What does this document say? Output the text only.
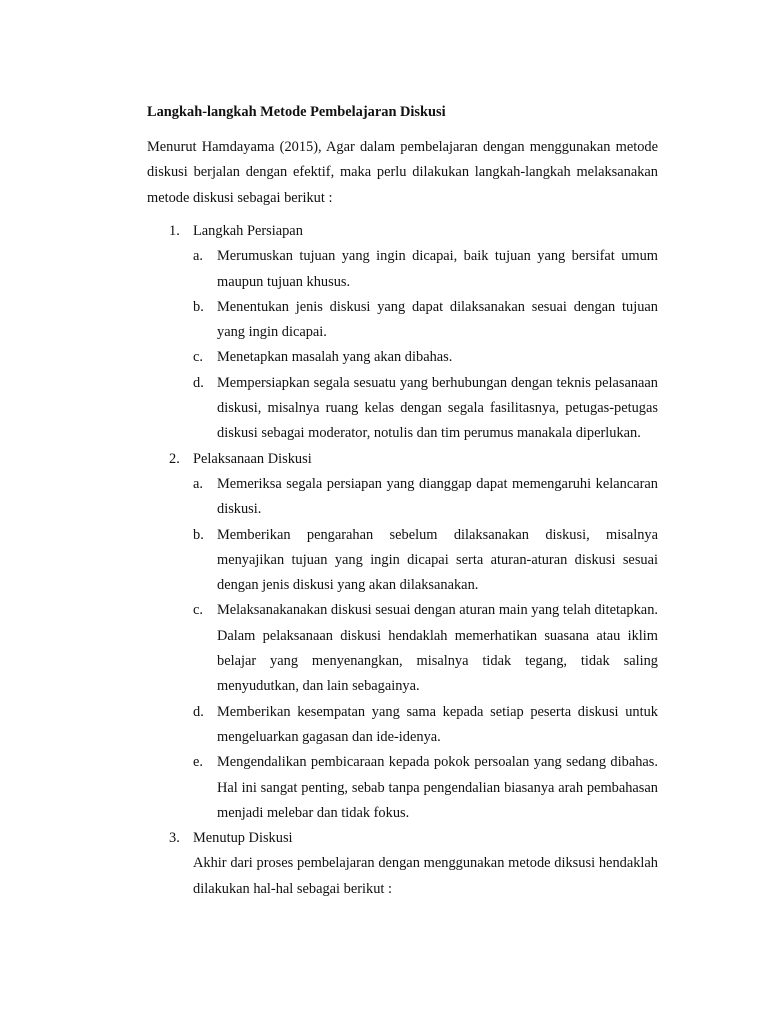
Langkah-langkah Metode Pembelajaran Diskusi

Menurut Hamdayama (2015), Agar dalam pembelajaran dengan menggunakan metode diskusi berjalan dengan efektif, maka perlu dilakukan langkah-langkah melaksanakan metode diskusi sebagai berikut :

1. Langkah Persiapan
a. Merumuskan tujuan yang ingin dicapai, baik tujuan yang bersifat umum maupun tujuan khusus.
b. Menentukan jenis diskusi yang dapat dilaksanakan sesuai dengan tujuan yang ingin dicapai.
c. Menetapkan masalah yang akan dibahas.
d. Mempersiapkan segala sesuatu yang berhubungan dengan teknis pelasanaan diskusi, misalnya ruang kelas dengan segala fasilitasnya, petugas-petugas diskusi sebagai moderator, notulis dan tim perumus manakala diperlukan.
2. Pelaksanaan Diskusi
a. Memeriksa segala persiapan yang dianggap dapat memengaruhi kelancaran diskusi.
b. Memberikan pengarahan sebelum dilaksanakan diskusi, misalnya menyajikan tujuan yang ingin dicapai serta aturan-aturan diskusi sesuai dengan jenis diskusi yang akan dilaksanakan.
c. Melaksanakanakan diskusi sesuai dengan aturan main yang telah ditetapkan. Dalam pelaksanaan diskusi hendaklah memerhatikan suasana atau iklim belajar yang menyenangkan, misalnya tidak tegang, tidak saling menyudutkan, dan lain sebagainya.
d. Memberikan kesempatan yang sama kepada setiap peserta diskusi untuk mengeluarkan gagasan dan ide-idenya.
e. Mengendalikan pembicaraan kepada pokok persoalan yang sedang dibahas. Hal ini sangat penting, sebab tanpa pengendalian biasanya arah pembahasan menjadi melebar dan tidak fokus.
3. Menutup Diskusi

Akhir dari proses pembelajaran dengan menggunakan metode diksusi hendaklah dilakukan hal-hal sebagai berikut :
